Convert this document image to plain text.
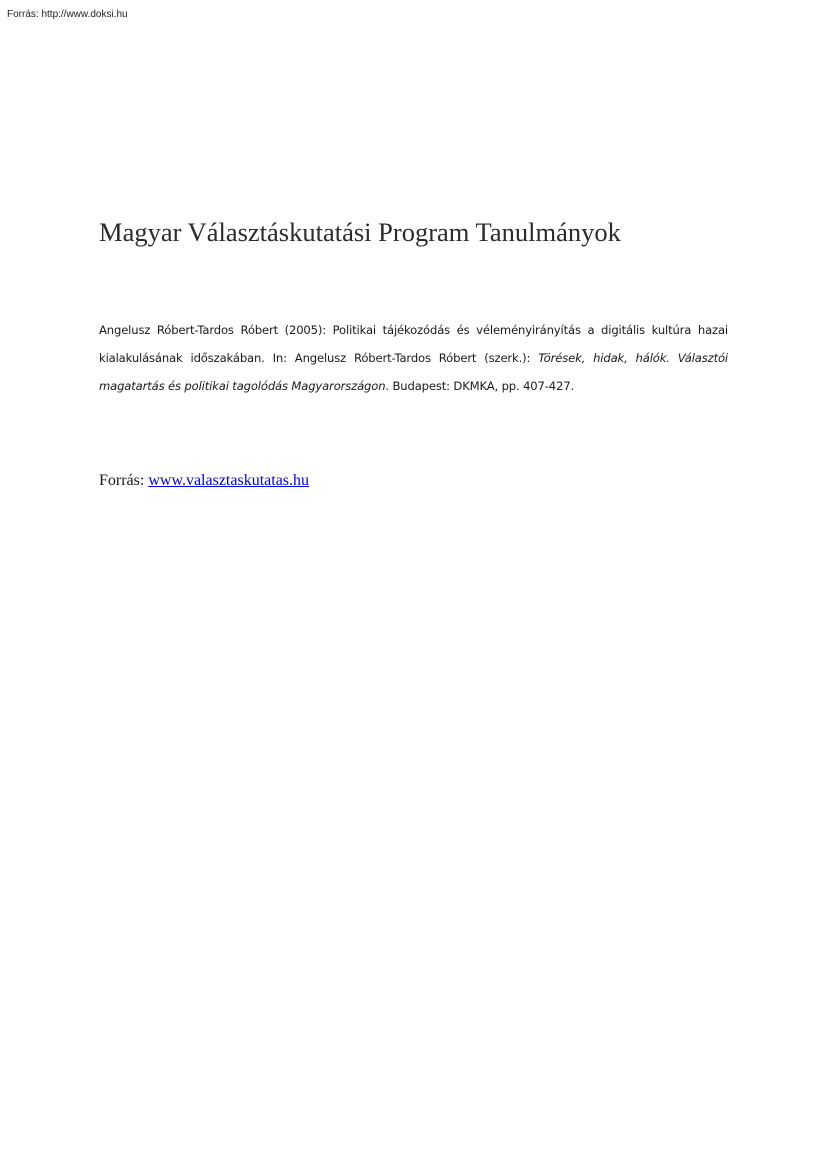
Forrás: http://www.doksi.hu
Magyar Választáskutatási Program Tanulmányok

Angelusz Róbert-Tardos Róbert (2005): Politikai tájékozódás és véleményirányítás a digitális kultúra hazai kialakulásának időszakában. In: Angelusz Róbert-Tardos Róbert (szerk.): Törések, hidak, hálók. Választói magatartás és politikai tagolódás Magyarországon. Budapest: DKMKA, pp. 407-427.

Forrás: www.valasztaskutatas.hu
